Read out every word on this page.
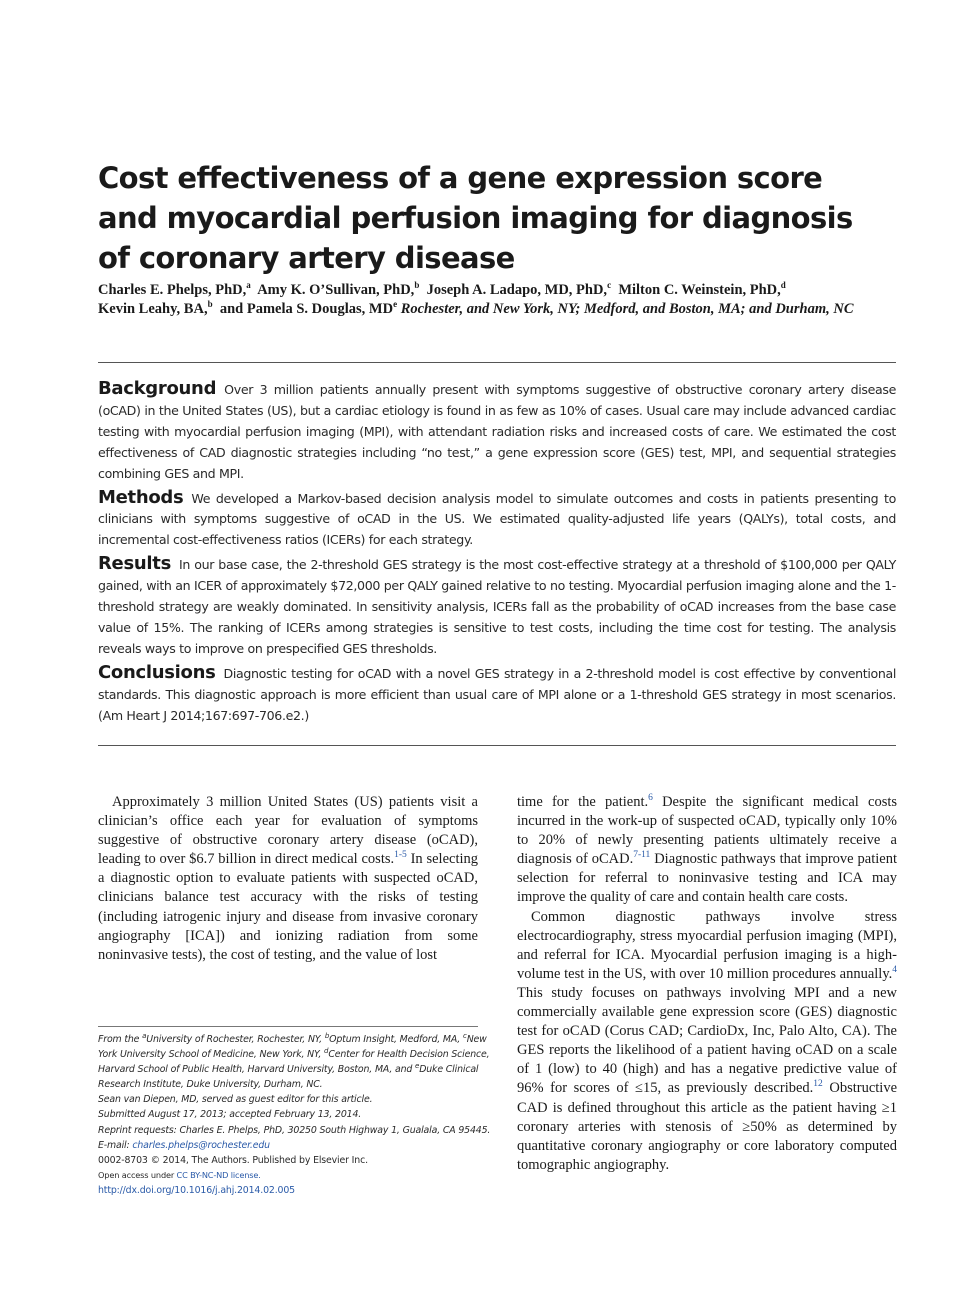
Cost effectiveness of a gene expression score and myocardial perfusion imaging for diagnosis of coronary artery disease
Charles E. Phelps, PhD,$^a$ Amy K. O’Sullivan, PhD,$^b$ Joseph A. Ladapo, MD, PhD,$^c$ Milton C. Weinstein, PhD,$^d$
Kevin Leahy, BA,$^b$ and Pamela S. Douglas, MDe Rochester, and New York, NY; Medford, and Boston, MA; and Durham, NC

Background Over 3 million patients annually present with symptoms suggestive of obstructive coronary artery disease (oCAD) in the United States (US), but a cardiac etiology is found in as few as 10% of cases. Usual care may include advanced cardiac testing with myocardial perfusion imaging (MPI), with attendant radiation risks and increased costs of care. We estimated the cost effectiveness of CAD diagnostic strategies including “no test,” a gene expression score (GES) test, MPI, and sequential strategies combining GES and MPI.

Methods We developed a Markov-based decision analysis model to simulate outcomes and costs in patients presenting to clinicians with symptoms suggestive of oCAD in the US. We estimated quality-adjusted life years (QALYs), total costs, and incremental cost-effectiveness ratios (ICERs) for each strategy.

Results In our base case, the 2-threshold GES strategy is the most cost-effective strategy at a threshold of $100,000 per QALY gained, with an ICER of approximately $72,000 per QALY gained relative to no testing. Myocardial perfusion imaging alone and the 1-threshold strategy are weakly dominated. In sensitivity analysis, ICERs fall as the probability of oCAD increases from the base case value of 15%. The ranking of ICERs among strategies is sensitive to test costs, including the time cost for testing. The analysis reveals ways to improve on prespecified GES thresholds.

Conclusions Diagnostic testing for oCAD with a novel GES strategy in a 2-threshold model is cost effective by conventional standards. This diagnostic approach is more efficient than usual care of MPI alone or a 1-threshold GES strategy in most scenarios. (Am Heart J 2014;167:697-706.e2.)

Approximately 3 million United States (US) patients visit a clinician’s office each year for evaluation of symptoms suggestive of obstructive coronary artery disease (oCAD), leading to over $6.7 billion in direct medical costs.$^{1-5}$ In selecting a diagnostic option to evaluate patients with suspected oCAD, clinicians balance test accuracy with the risks of testing (including iatrogenic injury and disease from invasive coronary angiography [ICA]) and ionizing radiation from some noninvasive tests), the cost of testing, and the value of lost

time for the patient.$^6$ Despite the significant medical costs incurred in the work-up of suspected oCAD, typically only 10% to 20% of newly presenting patients ultimately receive a diagnosis of oCAD.$^{7-11}$ Diagnostic pathways that improve patient selection for referral to noninvasive testing and ICA may improve the quality of care and contain health care costs.

Common diagnostic pathways involve stress electrocardiography, stress myocardial perfusion imaging (MPI), and referral for ICA. Myocardial perfusion imaging is a high-volume test in the US, with over 10 million procedures annually.$^4$ This study focuses on pathways involving MPI and a new commercially available gene expression score (GES) diagnostic test for oCAD (Corus CAD; CardioDx, Inc, Palo Alto, CA). The GES reports the likelihood of a patient having oCAD on a scale of 1 (low) to 40 (high) and has a negative predictive value of 96% for scores of ≤15, as previously described.$^{12}$ Obstructive CAD is defined throughout this article as the patient having ≥1 coronary arteries with stenosis of ≥50% as determined by quantitative coronary angiography or core laboratory computed tomographic angiography.

From the $^a$University of Rochester, Rochester, NY, $^b$Optum Insight, Medford, MA, $^c$New
York University School of Medicine, New York, NY, $^d$Center for Health Decision Science,
Harvard School of Public Health, Harvard University, Boston, MA, and $^e$Duke Clinical
Research Institute, Duke University, Durham, NC.
Sean van Diepen, MD, served as guest editor for this article.
Submitted August 17, 2013; accepted February 13, 2014.
Reprint requests: Charles E. Phelps, PhD, 30250 South Highway 1, Gualala, CA 95445.
E-mail: charles.phelps@rochester.edu
0002-8703 © 2014, The Authors. Published by Elsevier Inc.
Open access under CC BY-NC-ND license.
http://dx.doi.org/10.1016/j.ahj.2014.02.005
